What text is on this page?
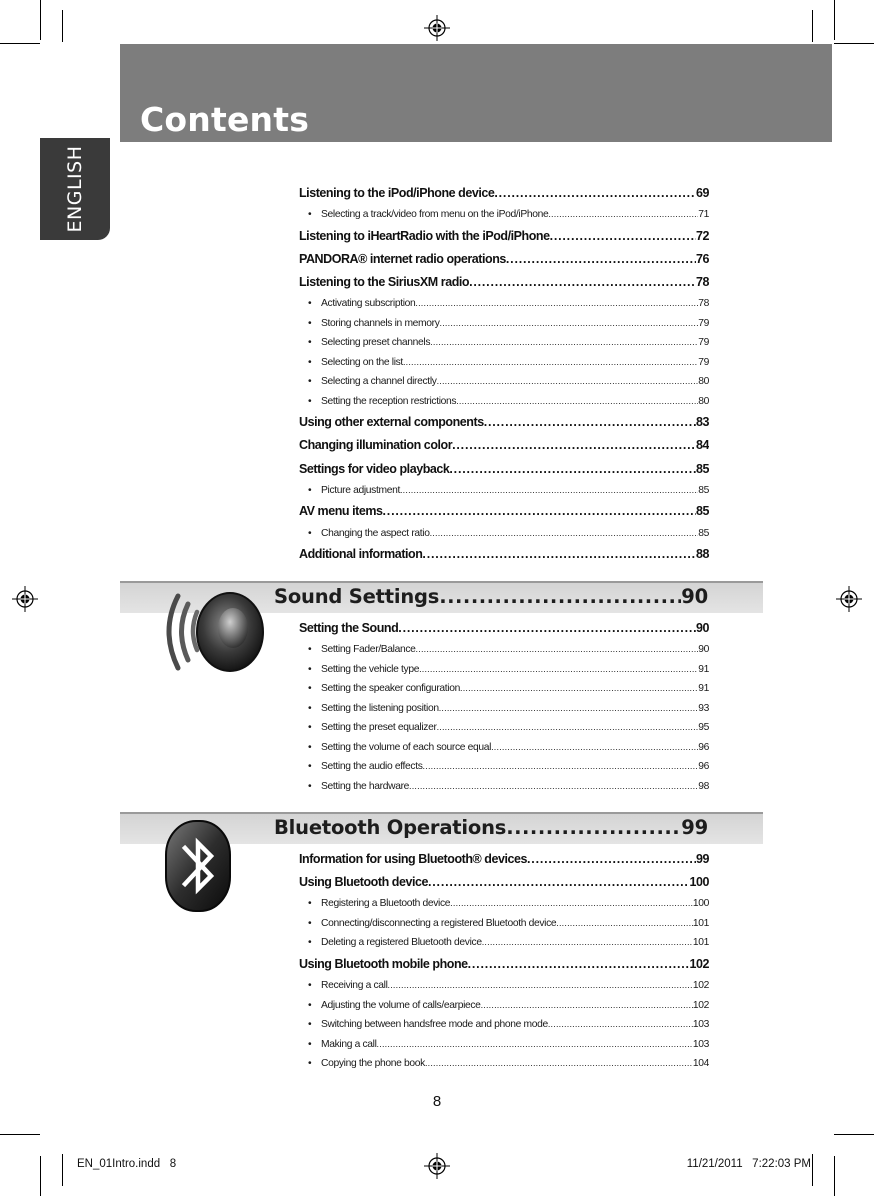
Contents
ENGLISH	Listening to the iPod/iPhone device .....	69
• Selecting a track/video from menu on the iPod/iPhone .....	71
Listening to iHeartRadio with the iPod/iPhone .....	72
PANDORA® internet radio operations .....	76
Listening to the SiriusXM radio .....	78
• Activating subscription .....	78
• Storing channels in memory .....	79
• Selecting preset channels .....	79
• Selecting on the list .....	79
• Selecting a channel directly .....	80
• Setting the reception restrictions .....	80
Using other external components .....	83
Changing illumination color .....	84
Settings for video playback .....	85
• Picture adjustment .....	85
AV menu items .....	85
• Changing the aspect ratio .....	85
Additional information .....	88
Sound Settings .....	90
Setting the Sound .....	90
• Setting Fader/Balance .....	90
• Setting the vehicle type .....	91
• Setting the speaker configuration .....	91
• Setting the listening position .....	93
• Setting the preset equalizer .....	95
• Setting the volume of each source equal .....	96
• Setting the audio effects .....	96
• Setting the hardware .....	98
Bluetooth Operations .....	99
Information for using Bluetooth® devices .....	99
Using Bluetooth device .....	100
• Registering a Bluetooth device .....	100
• Connecting/disconnecting a registered Bluetooth device .....	101
• Deleting a registered Bluetooth device .....	101
Using Bluetooth mobile phone .....	102
• Receiving a call .....	102
• Adjusting the volume of calls/earpiece .....	102
• Switching between handsfree mode and phone mode .....	103
• Making a call .....	103
• Copying the phone book .....	104
8
EN_01Intro.indd   8	11/21/2011   7:22:03 PM
